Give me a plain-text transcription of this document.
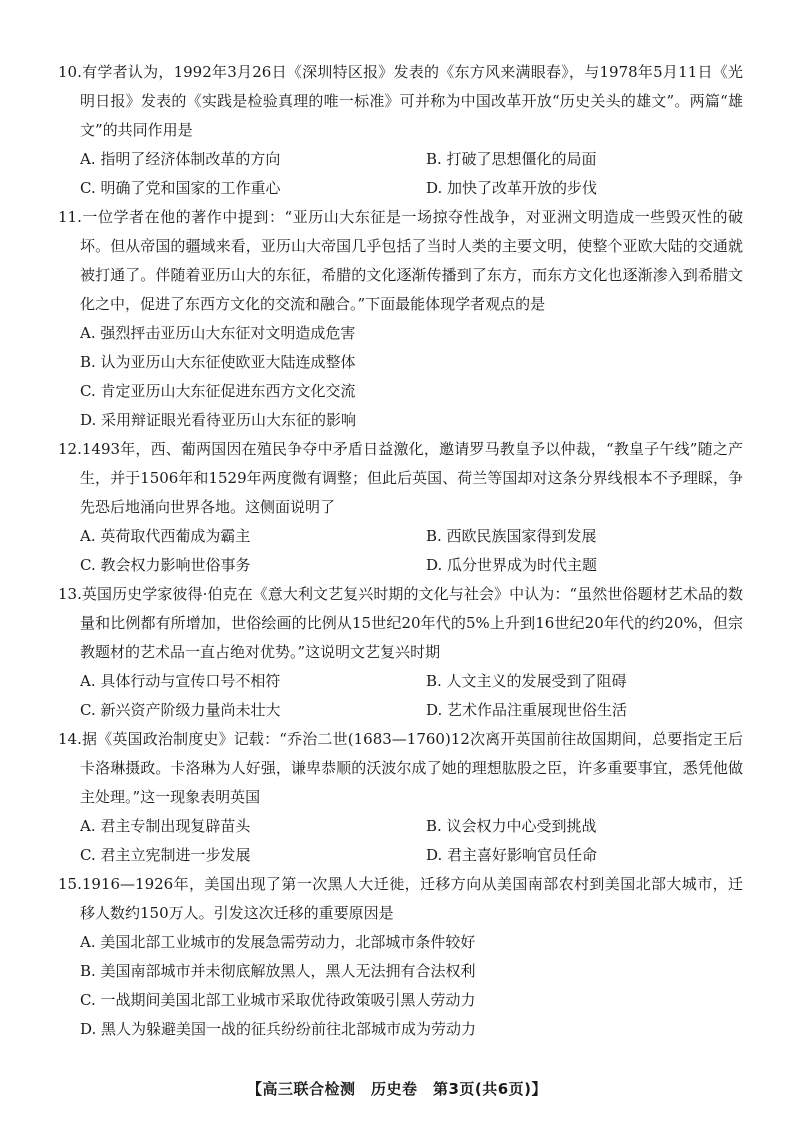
10.有学者认为，1992年3月26日《深圳特区报》发表的《东方风来满眼春》，与1978年5月11日《光明日报》发表的《实践是检验真理的唯一标准》可并称为中国改革开放“历史关头的雄文”。两篇“雄文”的共同作用是

A. 指明了经济体制改革的方向	B. 打破了思想僵化的局面
C. 明确了党和国家的工作重心	D. 加快了改革开放的步伐

11.一位学者在他的著作中提到：“亚历山大东征是一场掠夺性战争，对亚洲文明造成一些毁灭性的破坏。但从帝国的疆域来看，亚历山大帝国几乎包括了当时人类的主要文明，使整个亚欧大陆的交通就被打通了。伴随着亚历山大的东征，希腊的文化逐渐传播到了东方，而东方文化也逐渐渗入到希腊文化之中，促进了东西方文化的交流和融合。”下面最能体现学者观点的是

A. 强烈抨击亚历山大东征对文明造成危害
B. 认为亚历山大东征使欧亚大陆连成整体
C. 肯定亚历山大东征促进东西方文化交流
D. 采用辩证眼光看待亚历山大东征的影响

12.1493年，西、葡两国因在殖民争夺中矛盾日益激化，邀请罗马教皇予以仲裁，“教皇子午线”随之产生，并于1506年和1529年两度微有调整；但此后英国、荷兰等国却对这条分界线根本不予理睬，争先恐后地涌向世界各地。这侧面说明了

A. 英荷取代西葡成为霸主	B. 西欧民族国家得到发展
C. 教会权力影响世俗事务	D. 瓜分世界成为时代主题

13.英国历史学家彼得·伯克在《意大利文艺复兴时期的文化与社会》中认为：“虽然世俗题材艺术品的数量和比例都有所增加，世俗绘画的比例从15世纪20年代的5%上升到16世纪20年代的约20%，但宗教题材的艺术品一直占绝对优势。”这说明文艺复兴时期

A. 具体行动与宣传口号不相符	B. 人文主义的发展受到了阻碍
C. 新兴资产阶级力量尚未壮大	D. 艺术作品注重展现世俗生活

14.据《英国政治制度史》记载：“乔治二世(1683—1760)12次离开英国前往故国期间，总要指定王后卡洛琳摄政。卡洛琳为人好强，谦卑恭顺的沃波尔成了她的理想肱股之臣，许多重要事宜，悉凭他做主处理。”这一现象表明英国

A. 君主专制出现复辟苗头	B. 议会权力中心受到挑战
C. 君主立宪制进一步发展	D. 君主喜好影响官员任命

15.1916—1926年，美国出现了第一次黑人大迁徙，迁移方向从美国南部农村到美国北部大城市，迁移人数约150万人。引发这次迁移的重要原因是

A. 美国北部工业城市的发展急需劳动力，北部城市条件较好
B. 美国南部城市并未彻底解放黑人，黑人无法拥有合法权利
C. 一战期间美国北部工业城市采取优待政策吸引黑人劳动力
D. 黑人为躲避美国一战的征兵纷纷前往北部城市成为劳动力
【高三联合检测　历史卷　第3页(共6页)】
